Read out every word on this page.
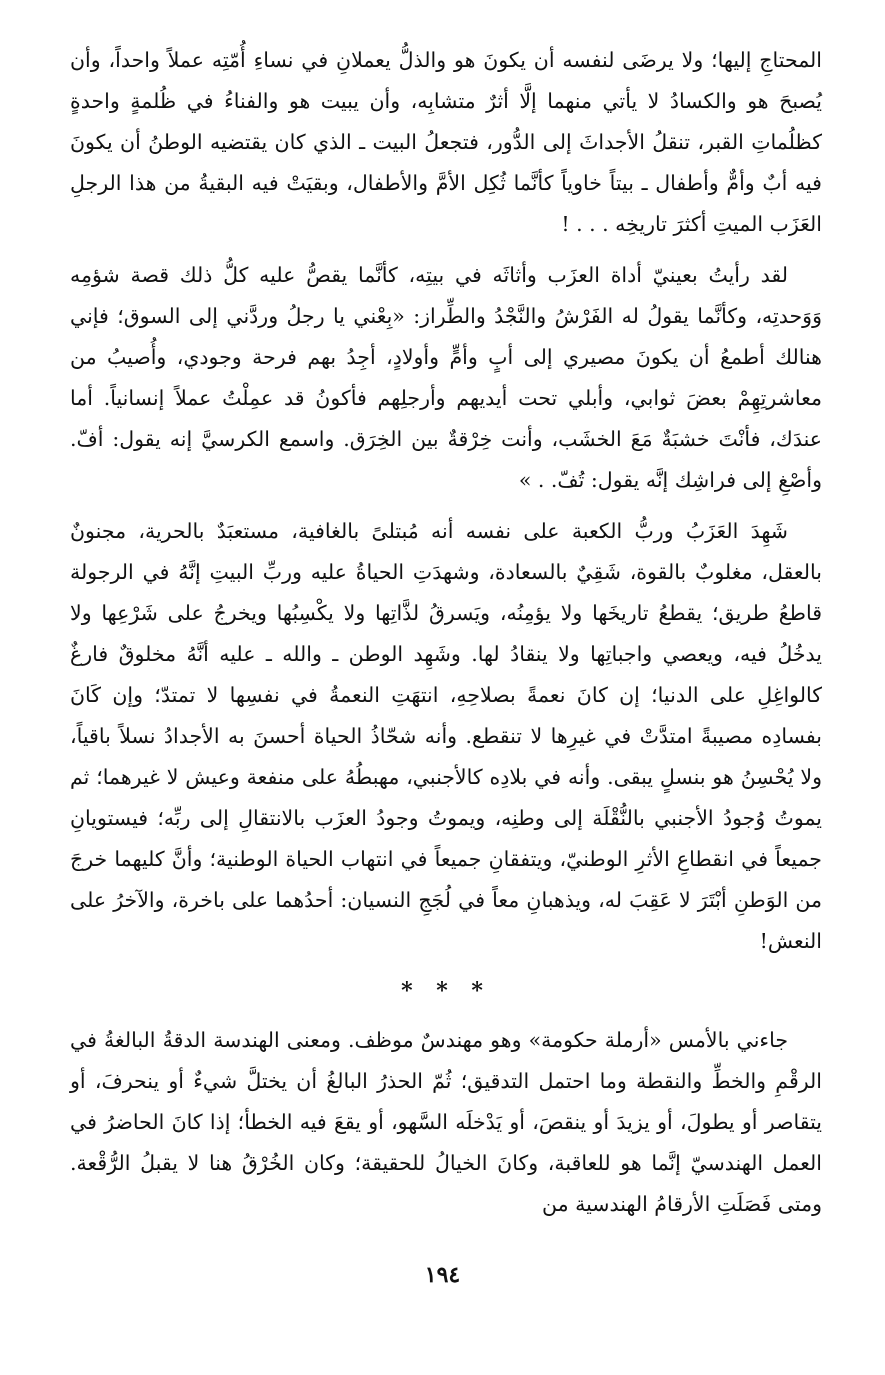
المحتاجِ إليها؛ ولا يرضَى لنفسه أن يكونَ هو والذلُّ يعملانِ في نساءِ أُمّتِه عملاً واحداً، وأن يُصبحَ هو والكسادُ لا يأتي منهما إلَّا أثرٌ متشابِه، وأن يبيت هو والفناءُ في ظُلمةٍ واحدةٍ كظلُماتِ القبر، تنقلُ الأجداثَ إلى الدُّور، فتجعلُ البيت ـ الذي كان يقتضيه الوطنُ أن يكونَ فيه أبٌ وأمٌّ وأطفال ـ بيتاً خاوياً كأنَّما ثُكِل الأمَّ والأطفال، وبقيَتْ فيه البقيةُ من هذا الرجلِ العَزَب الميتِ أكثرَ تاريخِه . . . !

لقد رأيتُ بعينيّ أداة العزَب وأثاثَه في بيتِه، كأنَّما يقصُّ عليه كلُّ ذلك قصة شؤمِه وَوَحدتِه، وكأنَّما يقولُ له الفَرْشُ والنَّجْدُ والطِّراز: «بِعْني يا رجلُ وردَّني إلى السوق؛ فإني هنالك أطمعُ أن يكونَ مصيري إلى أبٍ وأمٍّ وأولادٍ، أجِدُ بهم فرحة وجودي، وأُصيبُ من معاشرتِهِمْ بعضَ ثوابي، وأبلي تحت أيديهم وأرجلِهم فأكونُ قد عمِلْتُ عملاً إنسانياً. أما عندَك، فأنْتَ خشبَةٌ مَعَ الخشَب، وأنت خِرْقةٌ بين الخِرَق. واسمع الكرسيَّ إنه يقول: أفّ. وأصْغِ إلى فراشِك إنَّه يقول: تُفّ. . »

شَهِدَ العَزَبُ وربُّ الكعبة على نفسه أنه مُبتلىً بالغافية، مستعبَدٌ بالحرية، مجنونٌ بالعقل، مغلوبٌ بالقوة، شَقِيٌ بالسعادة، وشهدَتِ الحياةُ عليه وربِّ البيتِ إنَّهُ في الرجولة قاطعُ طريق؛ يقطعُ تاريخَها ولا يؤمِنُه، ويَسرقُ لذَّاتِها ولا يكْسِبُها ويخرجُ على شَرْعِها ولا يدخُلُ فيه، ويعصي واجباتِها ولا ينقادُ لها. وشَهِد الوطن ـ والله ـ عليه أنَّهُ مخلوقٌ فارغٌ كالواغِلِ على الدنيا؛ إن كانَ نعمةً بصلاحِهِ، انتهَتِ النعمةُ في نفسِها لا تمتدّ؛ وإن كَانَ بفسادِه مصيبةً امتدَّتْ في غيرِها لا تنقطع. وأنه شحّاذُ الحياة أحسنَ به الأجدادُ نسلاً باقياً، ولا يُحْسِنُ هو بنسلٍ يبقى. وأنه في بلادِه كالأجنبي، مهبطُهُ على منفعة وعيش لا غيرهما؛ ثم يموتُ وُجودُ الأجنبي بالنُّقْلَة إلى وطنِه، ويموتُ وجودُ العزَب بالانتقالِ إلى ربِّه؛ فيستويانِ جميعاً في انقطاعِ الأثرِ الوطنيّ، ويتفقانِ جميعاً في انتهاب الحياة الوطنية؛ وأنَّ كليهما خرجَ من الوَطنِ أبْتَرَ لا عَقِبَ له، ويذهبانِ معاً في لُجَجِ النسيان: أحدُهما على باخرة، والآخرُ على النعش!

* * *

جاءني بالأمس «أرملة حكومة» وهو مهندسٌ موظف. ومعنى الهندسة الدقةُ البالغةُ في الرقْمِ والخطِّ والنقطة وما احتمل التدقيق؛ ثُمّ الحذرُ البالغُ أن يختلَّ شيءٌ أو ينحرفَ، أو يتقاصر أو يطولَ، أو يزيدَ أو ينقصَ، أو يَدْخلَه السَّهو، أو يقعَ فيه الخطأ؛ إذا كانَ الحاضرُ في العمل الهندسيّ إنَّما هو للعاقبة، وكانَ الخيالُ للحقيقة؛ وكان الخُرْقُ هنا لا يقبلُ الرُّقْعة. ومتى فَصَلَتِ الأرقامُ الهندسية من

١٩٤
